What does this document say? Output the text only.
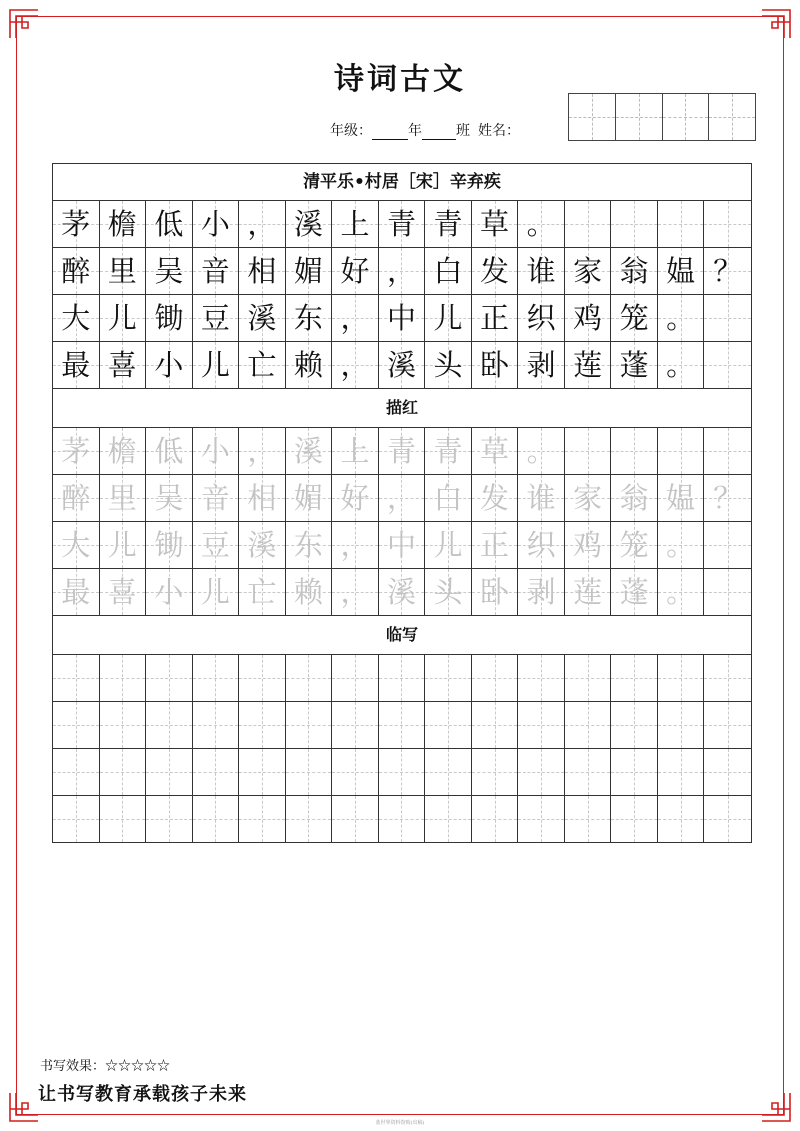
诗词古文
年级：	年 班 姓名：
清平乐•村居［宋］辛弃疾
茅 檐 低 小 ， 溪 上 青 青 草 。
醉 里 吴 音 相 媚 好 ， 白 发 谁 家 翁 媪 ？
大 儿 锄 豆 溪 东 ， 中 儿 正 织 鸡 笼 。
最 喜 小 儿 亡 赖 ， 溪 头 卧 剥 莲 蓬 。
描红
茅 檐 低 小 ， 溪 上 青 青 草 。
醉 里 吴 音 相 媚 好 ， 白 发 谁 家 翁 媪 ？
大 儿 锄 豆 溪 东 ， 中 儿 正 织 鸡 笼 。
最 喜 小 儿 亡 赖 ， 溪 头 卧 剥 莲 蓬 。
临写
书写效果：☆☆☆☆☆
让书写教育承载孩子未来
蓝世界资料馆购(出稿)
